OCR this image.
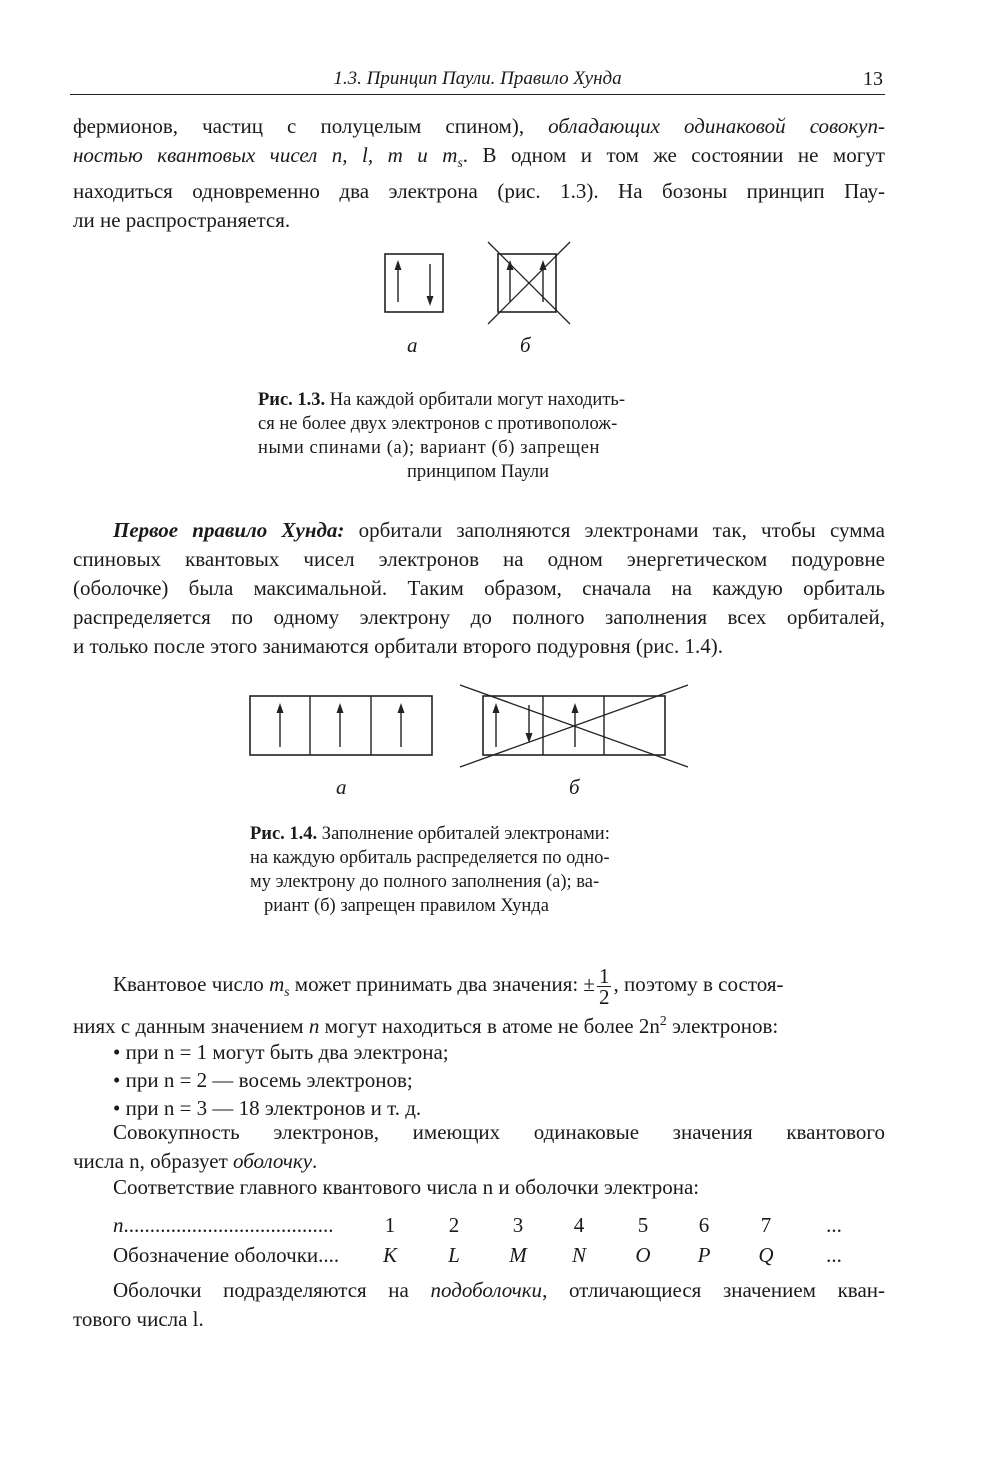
1.3. Принцип Паули. Правило Хунда	13
фермионов, частиц с полуцелым спином), обладающих одинаковой совокуп-
ностью квантовых чисел n, l, m и $m_s$. В одном и том же состоянии не могут
находиться одновременно два электрона (рис. 1.3). На бозоны принцип Пау-
ли не распространяется.
а	б
Рис. 1.3. На каждой орбитали могут находить-
ся не более двух электронов с противополож-
ными спинами (а); вариант (б) запрещен
принципом Паули
Первое правило Хунда: орбитали заполняются электронами так, чтобы сумма
спиновых квантовых чисел электронов на одном энергетическом подуровне
(оболочке) была максимальной. Таким образом, сначала на каждую орбиталь
распределяется по одному электрону до полного заполнения всех орбиталей,
и только после этого занимаются орбитали второго подуровня (рис. 1.4).
а	б
Рис. 1.4. Заполнение орбиталей электронами:
на каждую орбиталь распределяется по одно-
му электрону до полного заполнения (а); ва-
риант (б) запрещен правилом Хунда
Квантовое число $m_s$ может принимать два значения: ± $\frac{1}{2}$ , поэтому в состоя-
ниях с данным значением n могут находиться в атоме не более $2n^2$ электронов:
• при n = 1 могут быть два электрона;
• при n = 2 — восемь электронов;
• при n = 3 — 18 электронов и т. д.
Совокупность электронов, имеющих одинаковые значения квантового
числа n, образует оболочку.
Соответствие главного квантового числа n и оболочки электрона:
n........................................	1	2	3	4	5	6	7	...
Обозначение оболочки....	K	L	M	N	O	P	Q	...
Оболочки подразделяются на подоболочки, отличающиеся значением кван-
тового числа l.
